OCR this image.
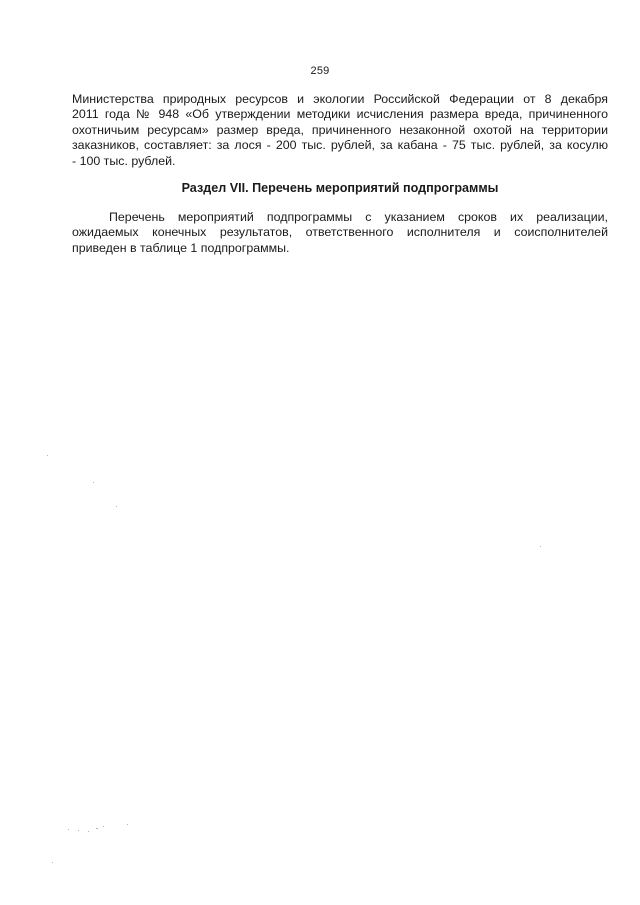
259
Министерства природных ресурсов и экологии Российской Федерации от 8 декабря
2011 года № 948 «Об утверждении методики исчисления размера вреда, причиненного
охотничьим ресурсам» размер вреда, причиненного незаконной охотой на территории
заказников, составляет: за лося - 200 тыс. рублей, за кабана - 75 тыс. рублей, за косулю
- 100 тыс. рублей.
Раздел VII. Перечень мероприятий подпрограммы
Перечень мероприятий подпрограммы с указанием сроков их реализации,
ожидаемых конечных результатов, ответственного исполнителя и соисполнителей
приведен в таблице 1 подпрограммы.
